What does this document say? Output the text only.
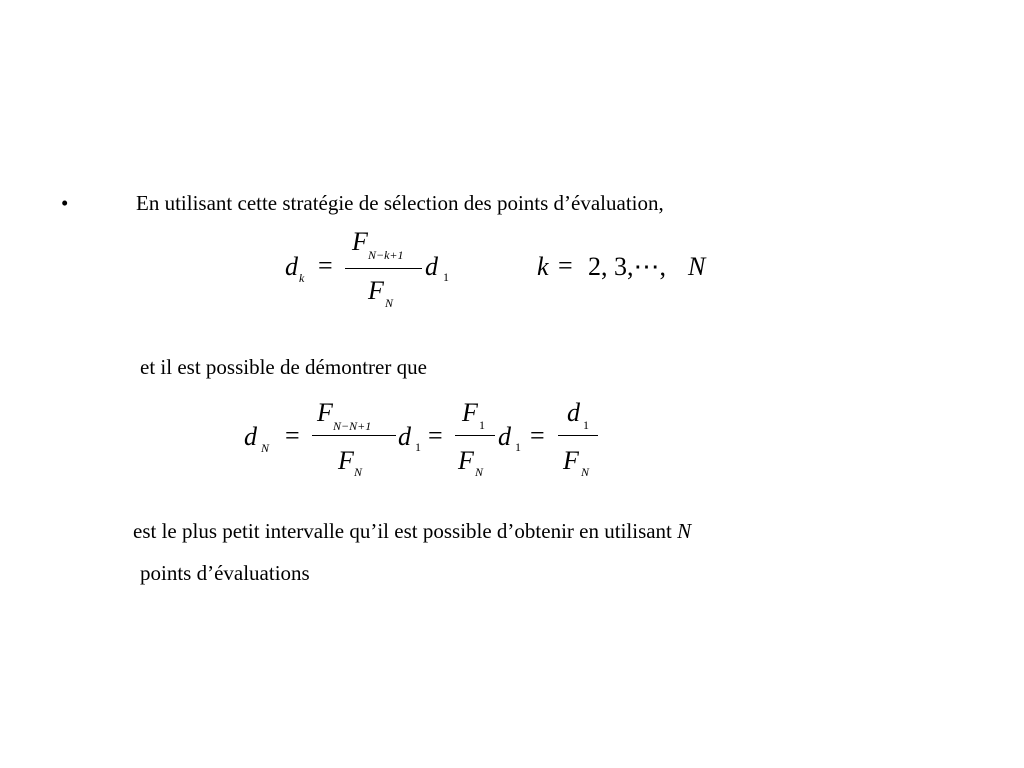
•	En utilisant cette stratégie de sélection des points d’évaluation,
d k =
F N−k+1
F N
d 1	k = 2, 3,⋯, N
et il est possible de démontrer que
d N =
F N−N+1
F N
d 1 =
F 1
F N
d 1 =
d 1
F N
est le plus petit intervalle qu’il est possible d’obtenir en utilisant N
points d’évaluations
